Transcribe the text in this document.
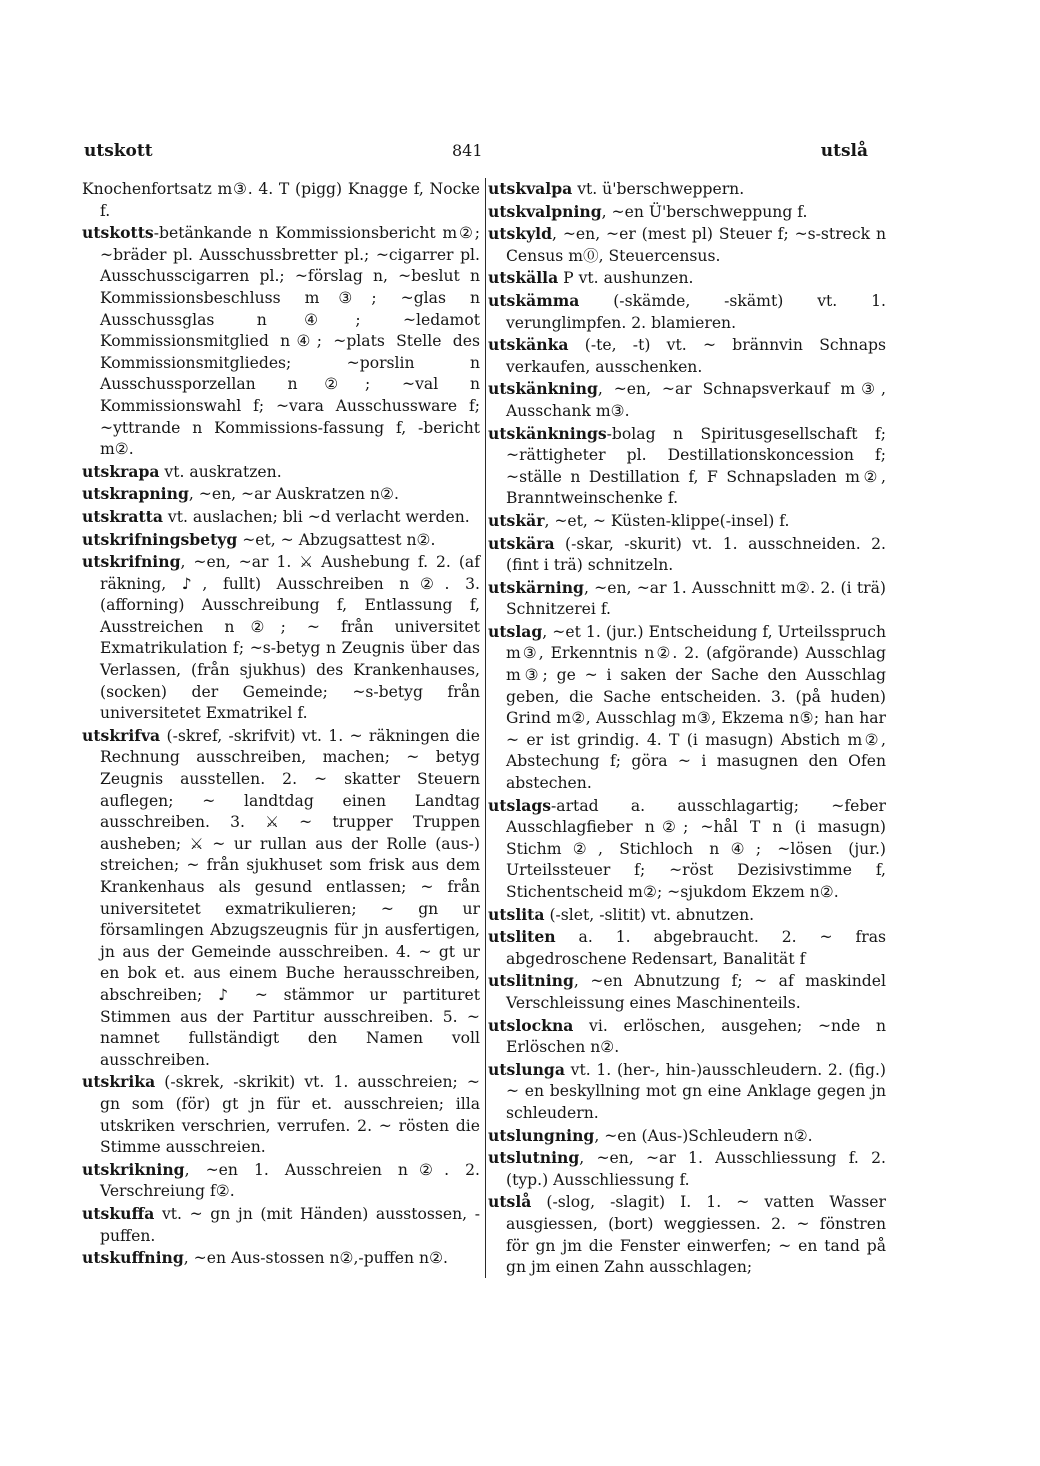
utskott	841	utslå
Knochenfortsatz m③. 4. T (pigg) Knagge f, Nocke f.
utskotts-betänkande n Kommissionsbericht m②; ~bräder pl. Ausschussbretter pl.; ~cigarrer pl. Ausschusscigarren pl.; ~förslag n, ~beslut n Kommissionsbeschluss m③; ~glas n Ausschussglas n④; ~ledamot Kommissionsmitglied n④; ~plats Stelle des Kommissionsmitgliedes; ~porslin n Ausschussporzellan n②; ~val n Kommissionswahl f; ~vara Ausschussware f; ~yttrande n Kommissions-fassung f, -bericht m②.
utskrapa vt. auskratzen.
utskrapning, ~en, ~ar Auskratzen n②.
utskratta vt. auslachen; bli ~d verlacht werden.
utskrifningsbetyg ~et, ~ Abzugsattest n②.
utskrifning, ~en, ~ar 1. ⚔ Aushebung f. 2. (af räkning, ♪, fullt) Ausschreiben n②. 3. (afforning) Ausschreibung f, Entlassung f, Ausstreichen n②; ~ från universitet Exmatrikulation f; ~s-betyg n Zeugnis über das Verlassen, (från sjukhus) des Krankenhauses, (socken) der Gemeinde; ~s-betyg från universitetet Exmatrikel f.
utskrifva (-skref, -skrifvit) vt. 1. ~ räkningen die Rechnung ausschreiben, machen; ~ betyg Zeugnis ausstellen. 2. ~ skatter Steuern auflegen; ~ landtdag einen Landtag ausschreiben. 3. ⚔ ~ trupper Truppen ausheben; ⚔ ~ ur rullan aus der Rolle (aus-) streichen; ~ från sjukhuset som frisk aus dem Krankenhaus als gesund entlassen; ~ från universitetet exmatrikulieren; ~ gn ur församlingen Abzugszeugnis für jn ausfertigen, jn aus der Gemeinde ausschreiben. 4. ~ gt ur en bok et. aus einem Buche herausschreiben, abschreiben; ♪ ~ stämmor ur partituret Stimmen aus der Partitur ausschreiben. 5. ~ namnet fullständigt den Namen voll ausschreiben.
utskrika (-skrek, -skrikit) vt. 1. ausschreien; ~ gn som (för) gt jn für et. ausschreien; illa utskriken verschrien, verrufen. 2. ~ rösten die Stimme ausschreien.
utskrikning, ~en 1. Ausschreien n②. 2. Verschreiung f②.
utskuffa vt. ~ gn jn (mit Händen) ausstossen, -puffen.
utskuffning, ~en Aus-stossen n②,-puffen n②.
utskvalpa vt. ü'berschweppern.
utskvalpning, ~en Ü'berschweppung f.
utskyld, ~en, ~er (mest pl) Steuer f; ~s-streck n Census m⓪, Steuercensus.
utskälla P vt. aushunzen.
utskämma (-skämde, -skämt) vt. 1. verunglimpfen. 2. blamieren.
utskänka (-te, -t) vt. ~ brännvin Schnaps verkaufen, ausschenken.
utskänkning, ~en, ~ar Schnapsverkauf m③, Ausschank m③.
utskänknings-bolag n Spiritusgesellschaft f; ~rättigheter pl. Destillationskoncession f; ~ställe n Destillation f, F Schnapsladen m②, Branntweinschenke f.
utskär, ~et, ~ Küsten-klippe(-insel) f.
utskära (-skar, -skurit) vt. 1. ausschneiden. 2. (fint i trä) schnitzeln.
utskärning, ~en, ~ar 1. Ausschnitt m②. 2. (i trä) Schnitzerei f.
utslag, ~et 1. (jur.) Entscheidung f, Urteilsspruch m③, Erkenntnis n②. 2. (afgörande) Ausschlag m③; ge ~ i saken der Sache den Ausschlag geben, die Sache entscheiden. 3. (på huden) Grind m②, Ausschlag m③, Ekzema n⑤; han har ~ er ist grindig. 4. T (i masugn) Abstich m②, Abstechung f; göra ~ i masugnen den Ofen abstechen.
utslags-artad a. ausschlagartig; ~feber Ausschlagfieber n②; ~hål T n (i masugn) Stichm②, Stichloch n④; ~lösen (jur.) Urteilssteuer f; ~röst Dezisivstimme f, Stichentscheid m②; ~sjukdom Ekzem n②.
utslita (-slet, -slitit) vt. abnutzen.
utsliten a. 1. abgebraucht. 2. ~ fras abgedroschene Redensart, Banalität f
utslitning, ~en Abnutzung f; ~ af maskindel Verschleissung eines Maschinenteils.
utslockna vi. erlöschen, ausgehen; ~nde n Erlöschen n②.
utslunga vt. 1. (her-, hin-)ausschleudern. 2. (fig.) ~ en beskyllning mot gn eine Anklage gegen jn schleudern.
utslungning, ~en (Aus-)Schleudern n②.
utslutning, ~en, ~ar 1. Ausschliessung f. 2. (typ.) Ausschliessung f.
utslå (-slog, -slagit) I. 1. ~ vatten Wasser ausgiessen, (bort) weggiessen. 2. ~ fönstren för gn jm die Fenster einwerfen; ~ en tand på gn jm einen Zahn ausschlagen;
